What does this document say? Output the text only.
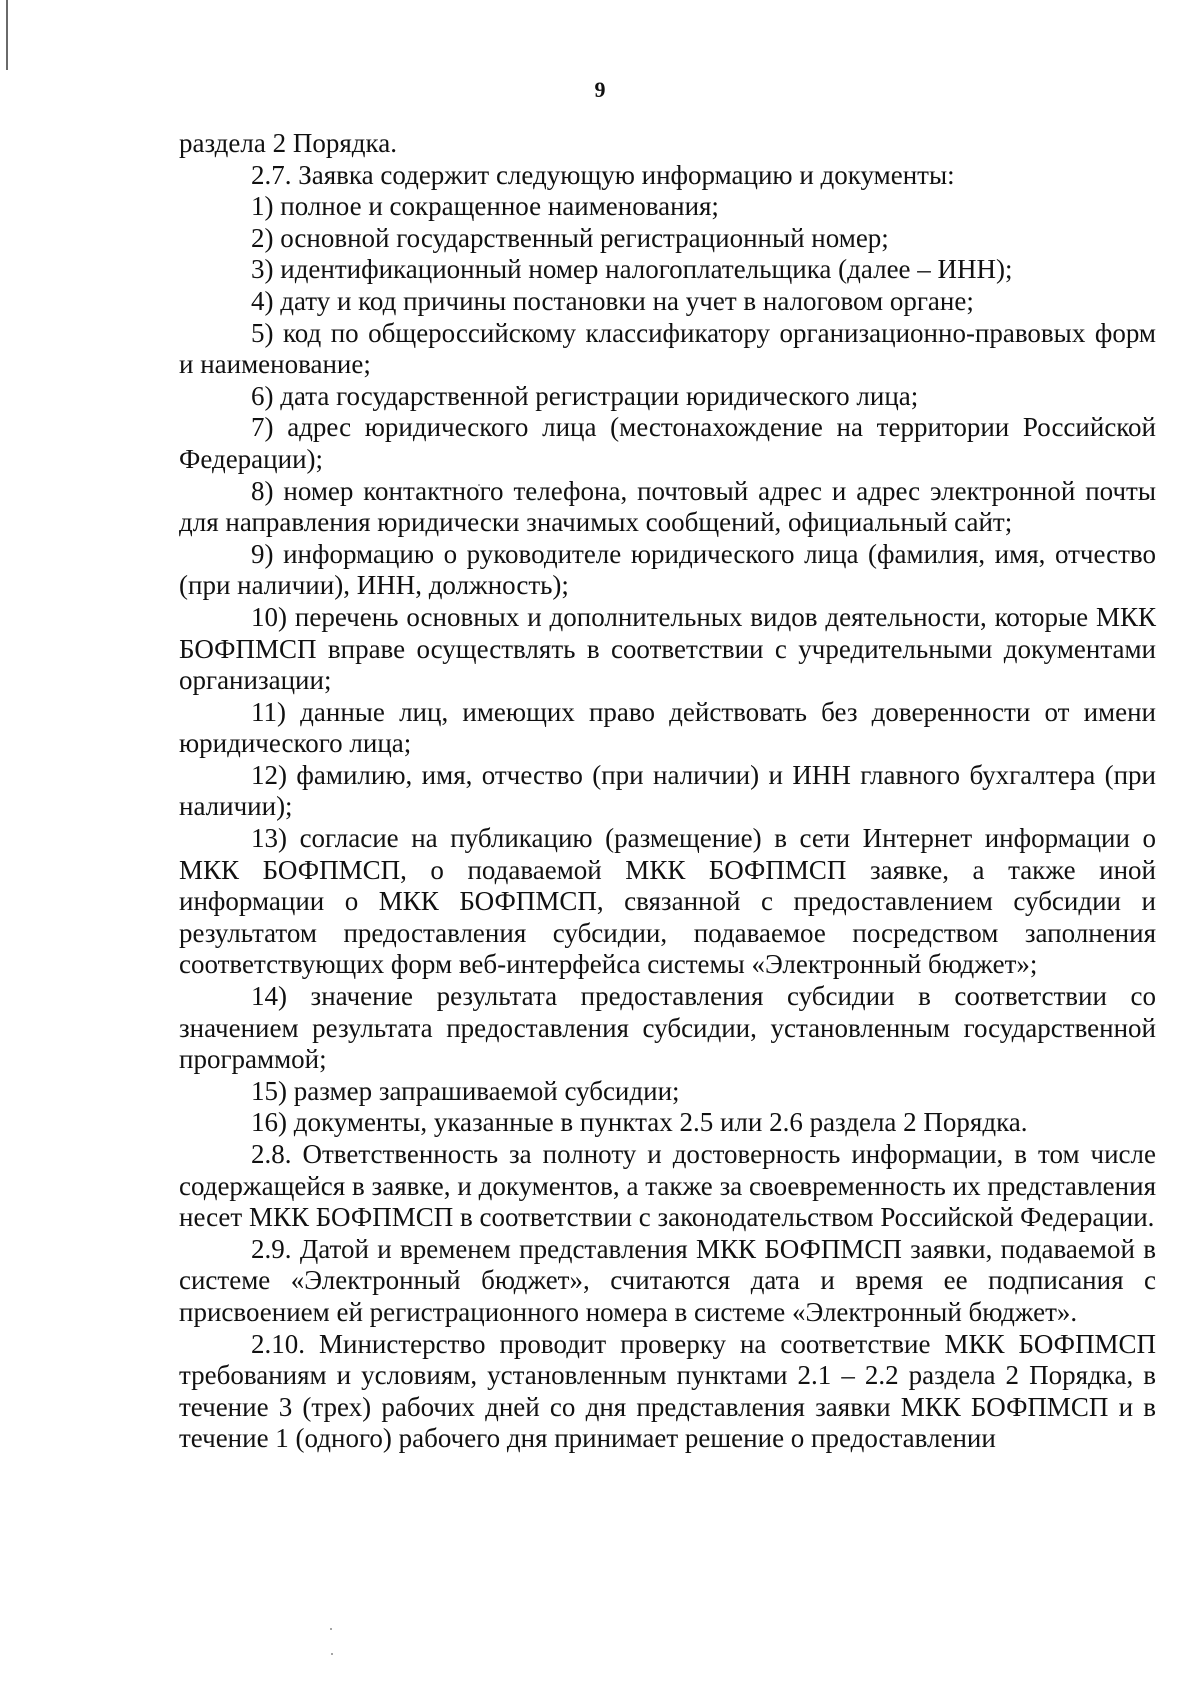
9

раздела 2 Порядка.

2.7. Заявка содержит следующую информацию и документы:

1) полное и сокращенное наименования;

2) основной государственный регистрационный номер;

3) идентификационный номер налогоплательщика (далее – ИНН);

4) дату и код причины постановки на учет в налоговом органе;

5) код по общероссийскому классификатору организационно-правовых форм и наименование;

6) дата государственной регистрации юридического лица;

7) адрес юридического лица (местонахождение на территории Российской Федерации);

8) номер контактного телефона, почтовый адрес и адрес электронной почты для направления юридически значимых сообщений, официальный сайт;

9) информацию о руководителе юридического лица (фамилия, имя, отчество (при наличии), ИНН, должность);

10) перечень основных и дополнительных видов деятельности, которые МКК БОФПМСП вправе осуществлять в соответствии с учредительными документами организации;

11) данные лиц, имеющих право действовать без доверенности от имени юридического лица;

12) фамилию, имя, отчество (при наличии) и ИНН главного бухгалтера (при наличии);

13) согласие на публикацию (размещение) в сети Интернет информации о МКК БОФПМСП, о подаваемой МКК БОФПМСП заявке, а также иной информации о МКК БОФПМСП, связанной с предоставлением субсидии и результатом предоставления субсидии, подаваемое посредством заполнения соответствующих форм веб-интерфейса системы «Электронный бюджет»;

14) значение результата предоставления субсидии в соответствии со значением результата предоставления субсидии, установленным государственной программой;

15) размер запрашиваемой субсидии;

16) документы, указанные в пунктах 2.5 или 2.6 раздела 2 Порядка.

2.8. Ответственность за полноту и достоверность информации, в том числе содержащейся в заявке, и документов, а также за своевременность их представления несет МКК БОФПМСП в соответствии с законодательством Российской Федерации.

2.9. Датой и временем представления МКК БОФПМСП заявки, подаваемой в системе «Электронный бюджет», считаются дата и время ее подписания с присвоением ей регистрационного номера в системе «Электронный бюджет».

2.10. Министерство проводит проверку на соответствие МКК БОФПМСП требованиям и условиям, установленным пунктами 2.1 – 2.2 раздела 2 Порядка, в течение 3 (трех) рабочих дней со дня представления заявки МКК БОФПМСП и в течение 1 (одного) рабочего дня принимает решение о предоставлении
